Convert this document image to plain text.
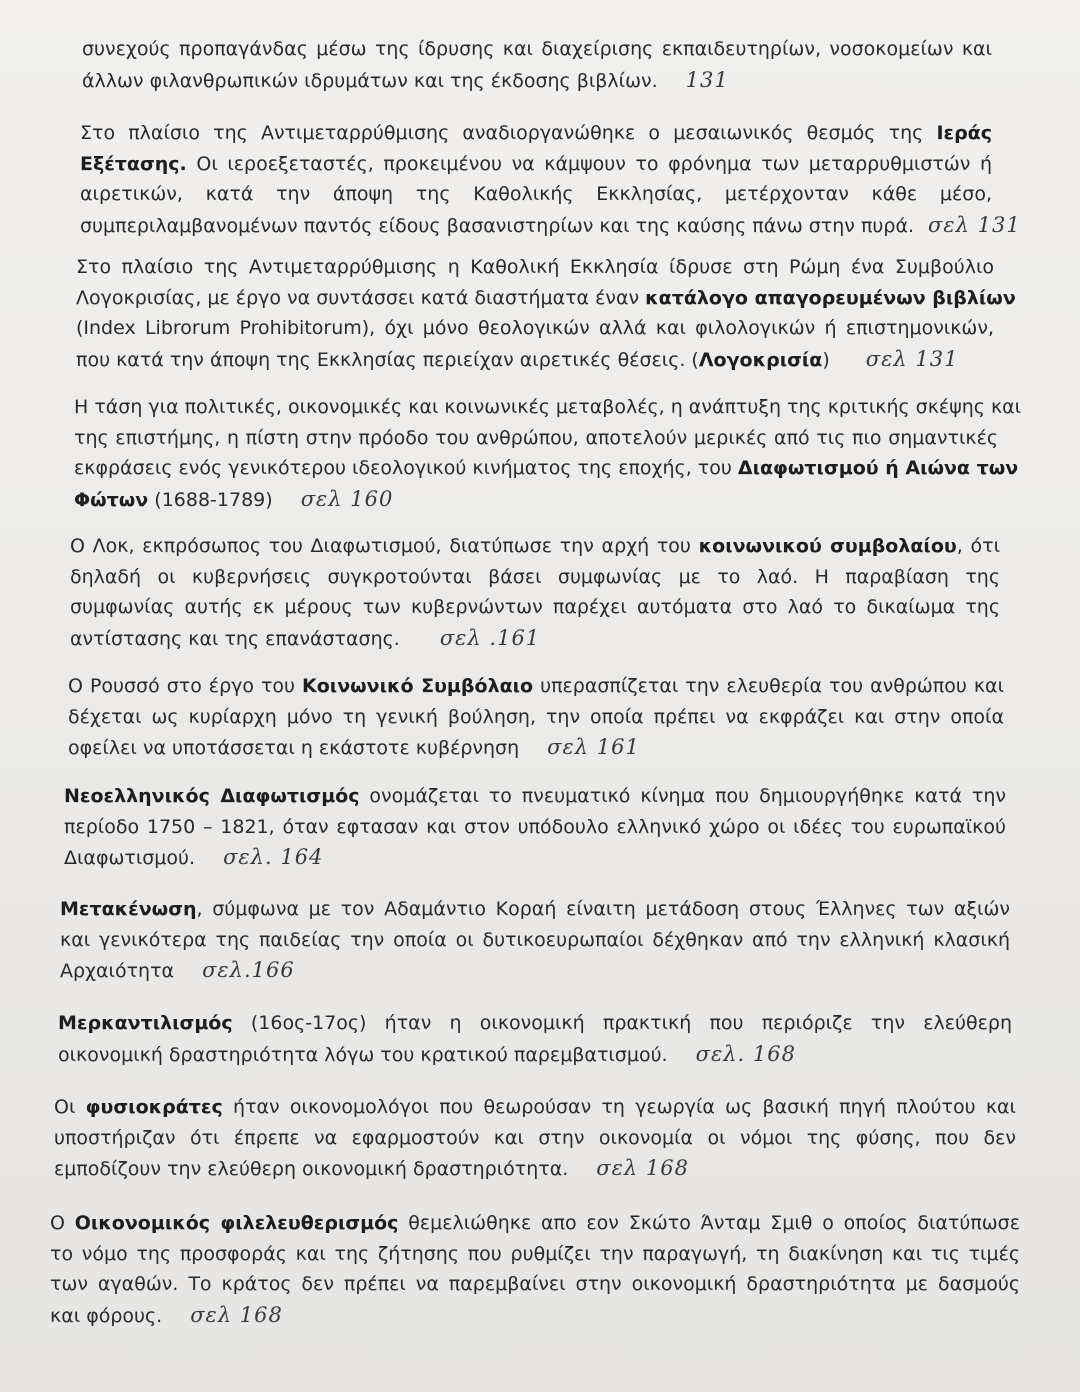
συνεχούς προπαγάνδας μέσω της ίδρυσης και διαχείρισης εκπαιδευτηρίων, νοσοκομείων και
άλλων φιλανθρωπικών ιδρυμάτων και της έκδοσης βιβλίων. 131
Στο πλαίσιο της Αντιμεταρρύθμισης αναδιοργανώθηκε ο μεσαιωνικός θεσμός της Ιεράς
Εξέτασης. Οι ιεροεξεταστές, προκειμένου να κάμψουν το φρόνημα των μεταρρυθμιστών ή
αιρετικών, κατά την άποψη της Καθολικής Εκκλησίας, μετέρχονταν κάθε μέσο,
συμπεριλαμβανομένων παντός είδους βασανιστηρίων και της καύσης πάνω στην πυρά. σελ 131
Στο πλαίσιο της Αντιμεταρρύθμισης η Καθολική Εκκλησία ίδρυσε στη Ρώμη ένα Συμβούλιο
Λογοκρισίας, με έργο να συντάσσει κατά διαστήματα έναν κατάλογο απαγορευμένων βιβλίων
(Index Librorum Prohibitorum), όχι μόνο θεολογικών αλλά και φιλολογικών ή επιστημονικών,
που κατά την άποψη της Εκκλησίας περιείχαν αιρετικές θέσεις. (Λογοκρισία) σελ 131
Η τάση για πολιτικές, οικονομικές και κοινωνικές μεταβολές, η ανάπτυξη της κριτικής σκέψης και
της επιστήμης, η πίστη στην πρόοδο του ανθρώπου, αποτελούν μερικές από τις πιο σημαντικές
εκφράσεις ενός γενικότερου ιδεολογικού κινήματος της εποχής, του Διαφωτισμού ή Αιώνα των
Φώτων (1688-1789) σελ 160
Ο Λοκ, εκπρόσωπος του Διαφωτισμού, διατύπωσε την αρχή του κοινωνικού συμβολαίου, ότι
δηλαδή οι κυβερνήσεις συγκροτούνται βάσει συμφωνίας με το λαό. Η παραβίαση της
συμφωνίας αυτής εκ μέρους των κυβερνώντων παρέχει αυτόματα στο λαό το δικαίωμα της
αντίστασης και της επανάστασης. σελ .161
Ο Ρουσσό στο έργο του Κοινωνικό Συμβόλαιο υπερασπίζεται την ελευθερία του ανθρώπου και
δέχεται ως κυρίαρχη μόνο τη γενική βούληση, την οποία πρέπει να εκφράζει και στην οποία
οφείλει να υποτάσσεται η εκάστοτε κυβέρνηση σελ 161
Νεοελληνικός Διαφωτισμός ονομάζεται το πνευματικό κίνημα που δημιουργήθηκε κατά την
περίοδο 1750 – 1821, όταν εφτασαν και στον υπόδουλο ελληνικό χώρο οι ιδέες του ευρωπαϊκού
Διαφωτισμού. σελ. 164
Μετακένωση, σύμφωνα με τον Αδαμάντιο Κοραή είναιτη μετάδοση στους Έλληνες των αξιών
και γενικότερα της παιδείας την οποία οι δυτικοευρωπαίοι δέχθηκαν από την ελληνική κλασική
Αρχαιότητα σελ.166
Μερκαντιλισμός (16ος-17ος) ήταν η οικονομική πρακτική που περιόριζε την ελεύθερη
οικονομική δραστηριότητα λόγω του κρατικού παρεμβατισμού. σελ. 168
Οι φυσιοκράτες ήταν οικονομολόγοι που θεωρούσαν τη γεωργία ως βασική πηγή πλούτου και
υποστήριζαν ότι έπρεπε να εφαρμοστούν και στην οικονομία οι νόμοι της φύσης, που δεν
εμποδίζουν την ελεύθερη οικονομική δραστηριότητα. σελ 168
Ο Οικονομικός φιλελευθερισμός θεμελιώθηκε απο εον Σκώτο Άνταμ Σμιθ ο οποίος διατύπωσε
το νόμο της προσφοράς και της ζήτησης που ρυθμίζει την παραγωγή, τη διακίνηση και τις τιμές
των αγαθών. Το κράτος δεν πρέπει να παρεμβαίνει στην οικονομική δραστηριότητα με δασμούς
και φόρους. σελ 168
